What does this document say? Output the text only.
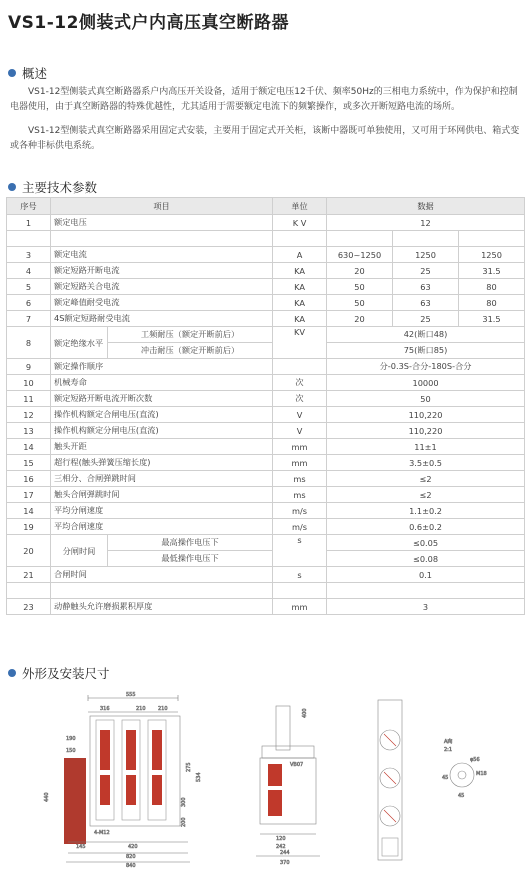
VS1-12侧装式户内高压真空断路器
概述
VS1-12型侧装式真空断路器系户内高压开关设备，适用于额定电压12千伏、频率50Hz的三相电力系统中，作为保护和控制电器使用，由于真空断路器的特殊优越性，尤其适用于需要额定电流下的频繁操作，或多次开断短路电流的场所。
VS1-12型侧装式真空断路器采用固定式安装，主要用于固定式开关柜，该断中器既可单独使用，又可用于环网供电、箱式变或各种非标供电系统。
主要技术参数
序号	项目		单位	数据		
1	额定电压		K V	12		

3	额定电流		A	630~1250	1250	1250
4	额定短路开断电流		KA	20	25	31.5
5	额定短路关合电流		KA	50	63	80
6	额定峰值耐受电流		KA	50	63	80
7	4S额定短路耐受电流		KA	20	25	31.5
8	额定绝缘水平	工频耐压（额定开断前后）	KV	42(断口48)		
		冲击耐压（额定开断前后）		75(断口85)		
9	额定操作顺序			分-0.3S-合分-180S-合分		
10	机械寿命		次	10000		
11	额定短路开断电流开断次数		次	50		
12	操作机构额定合闸电压(直流)		V	110,220		
13	操作机构额定分闸电压(直流)		V	110,220		
14	触头开距		mm	11±1		
15	超行程(触头弹簧压缩长度)		mm	3.5±0.5		
16	三相分、合闸弹跳时间		ms	≤2		
17	触头合闸弹跳时间		ms	≤2		
14	平均分闸速度		m/s	1.1±0.2		
19	平均合闸速度		m/s	0.6±0.2		
20	分闸时间	最高操作电压下	s	≤0.05		
		最低操作电压下		≤0.08		
21	合闸时间		s	0.1		

23	动静触头允许磨损累积厚度		mm	3		
外形及安装尺寸
555
316	210 210
190
150
440
275
534
300
200
4-M12
145	420
820
840
VB07
400
120
242
244
370
A向
2:1
φ56
M18
45
45
